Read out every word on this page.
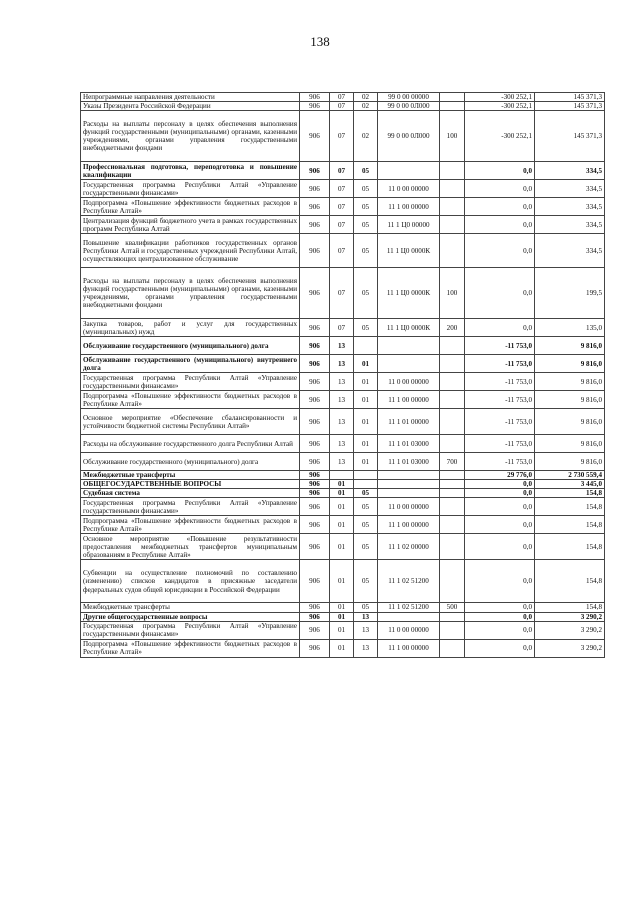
138
Непрограммные направления деятельности	906	07	02	99 0 00 00000		-300 252,1	145 371,3
Указы Президента Российской Федерации	906	07	02	99 0 00 0Л000		-300 252,1	145 371,3
Расходы на выплаты персоналу в целях обеспечения выполнения функций государственными (муниципальными) органами, казенными учреждениями, органами управления государственными внебюджетными фондами	906	07	02	99 0 00 0Л000	100	-300 252,1	145 371,3
Профессиональная подготовка, переподготовка и повышение квалификации	906	07	05			0,0	334,5
Государственная программа Республики Алтай «Управление государственными финансами»	906	07	05	11 0 00 00000		0,0	334,5
Подпрограмма «Повышение эффективности бюджетных расходов в Республике Алтай»	906	07	05	11 1 00 00000		0,0	334,5
Централизация функций бюджетного учета в рамках государственных программ Республика Алтай	906	07	05	11 1 Ц0 00000		0,0	334,5
Повышение квалификации работников государственных органов Республики Алтай и государственных учреждений Республики Алтай, осуществляющих централизованное обслуживание	906	07	05	11 1 Ц0 0000К		0,0	334,5
Расходы на выплаты персоналу в целях обеспечения выполнения функций государственными (муниципальными) органами, казенными учреждениями, органами управления государственными внебюджетными фондами	906	07	05	11 1 Ц0 0000К	100	0,0	199,5
Закупка товаров, работ и услуг для государственных (муниципальных) нужд	906	07	05	11 1 Ц0 0000К	200	0,0	135,0
Обслуживание государственного (муниципального) долга	906	13				-11 753,0	9 816,0
Обслуживание государственного (муниципального) внутреннего долга	906	13	01			-11 753,0	9 816,0
Государственная программа Республики Алтай «Управление государственными финансами»	906	13	01	11 0 00 00000		-11 753,0	9 816,0
Подпрограмма «Повышение эффективности бюджетных расходов в Республике Алтай»	906	13	01	11 1 00 00000		-11 753,0	9 816,0
Основное мероприятие «Обеспечение сбалансированности и устойчивости бюджетной системы Республики Алтай»	906	13	01	11 1 01 00000		-11 753,0	9 816,0
Расходы на обслуживание государственного долга Республики Алтай	906	13	01	11 1 01 03000		-11 753,0	9 816,0
Обслуживание государственного (муниципального) долга	906	13	01	11 1 01 03000	700	-11 753,0	9 816,0
Межбюджетные трансферты	906					29 776,0	2 730 559,4
ОБЩЕГОСУДАРСТВЕННЫЕ ВОПРОСЫ	906	01				0,0	3 445,0
Судебная система	906	01	05			0,0	154,8
Государственная программа Республики Алтай «Управление государственными финансами»	906	01	05	11 0 00 00000		0,0	154,8
Подпрограмма «Повышение эффективности бюджетных расходов в Республике Алтай»	906	01	05	11 1 00 00000		0,0	154,8
Основное мероприятие «Повышение результативности предоставления межбюджетных трансфертов муниципальным образованиям в Республике Алтай»	906	01	05	11 1 02 00000		0,0	154,8
Субвенции на осуществление полномочий по составлению (изменению) списков кандидатов в присяжные заседатели федеральных судов общей юрисдикции в Российской Федерации	906	01	05	11 1 02 51200		0,0	154,8
Межбюджетные трансферты	906	01	05	11 1 02 51200	500	0,0	154,8
Другие общегосударственные вопросы	906	01	13			0,0	3 290,2
Государственная программа Республики Алтай «Управление государственными финансами»	906	01	13	11 0 00 00000		0,0	3 290,2
Подпрограмма «Повышение эффективности бюджетных расходов в Республике Алтай»	906	01	13	11 1 00 00000		0,0	3 290,2
